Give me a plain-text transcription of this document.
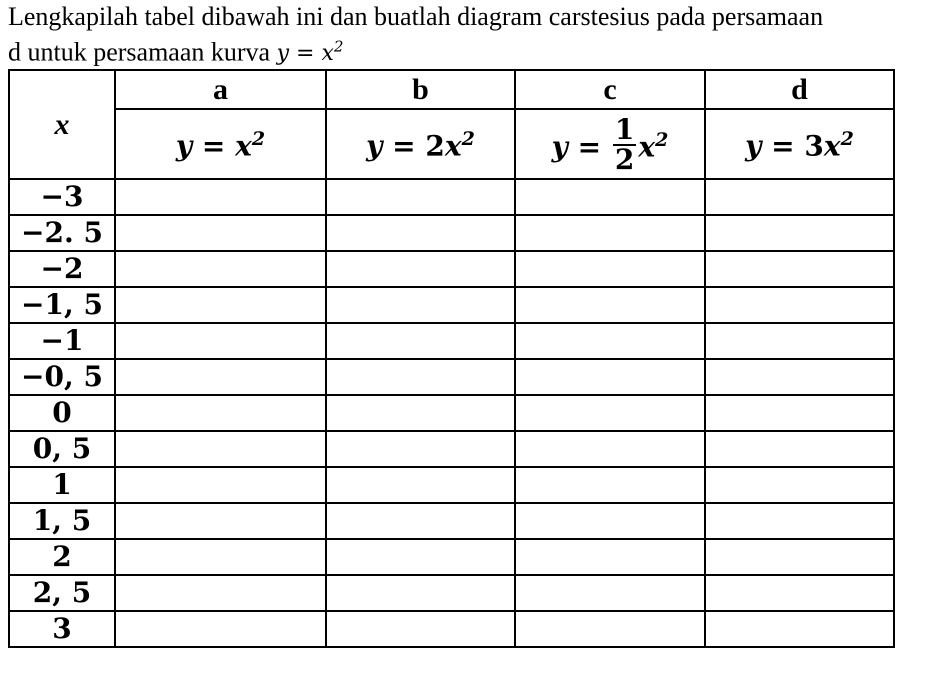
Lengkapilah tabel dibawah ini dan buatlah diagram carstesius pada persamaan
d untuk persamaan kurva $y = x^2$
x	a	b	c	d
	$y = x^2$	$y = 2x^2$	$y = \frac{1}{2} x^2$	$y = 3x^2$
−3				
−2. 5				
−2				
−1, 5				
−1				
−0, 5				
0				
0, 5				
1				
1, 5				
2				
2, 5				
3				
